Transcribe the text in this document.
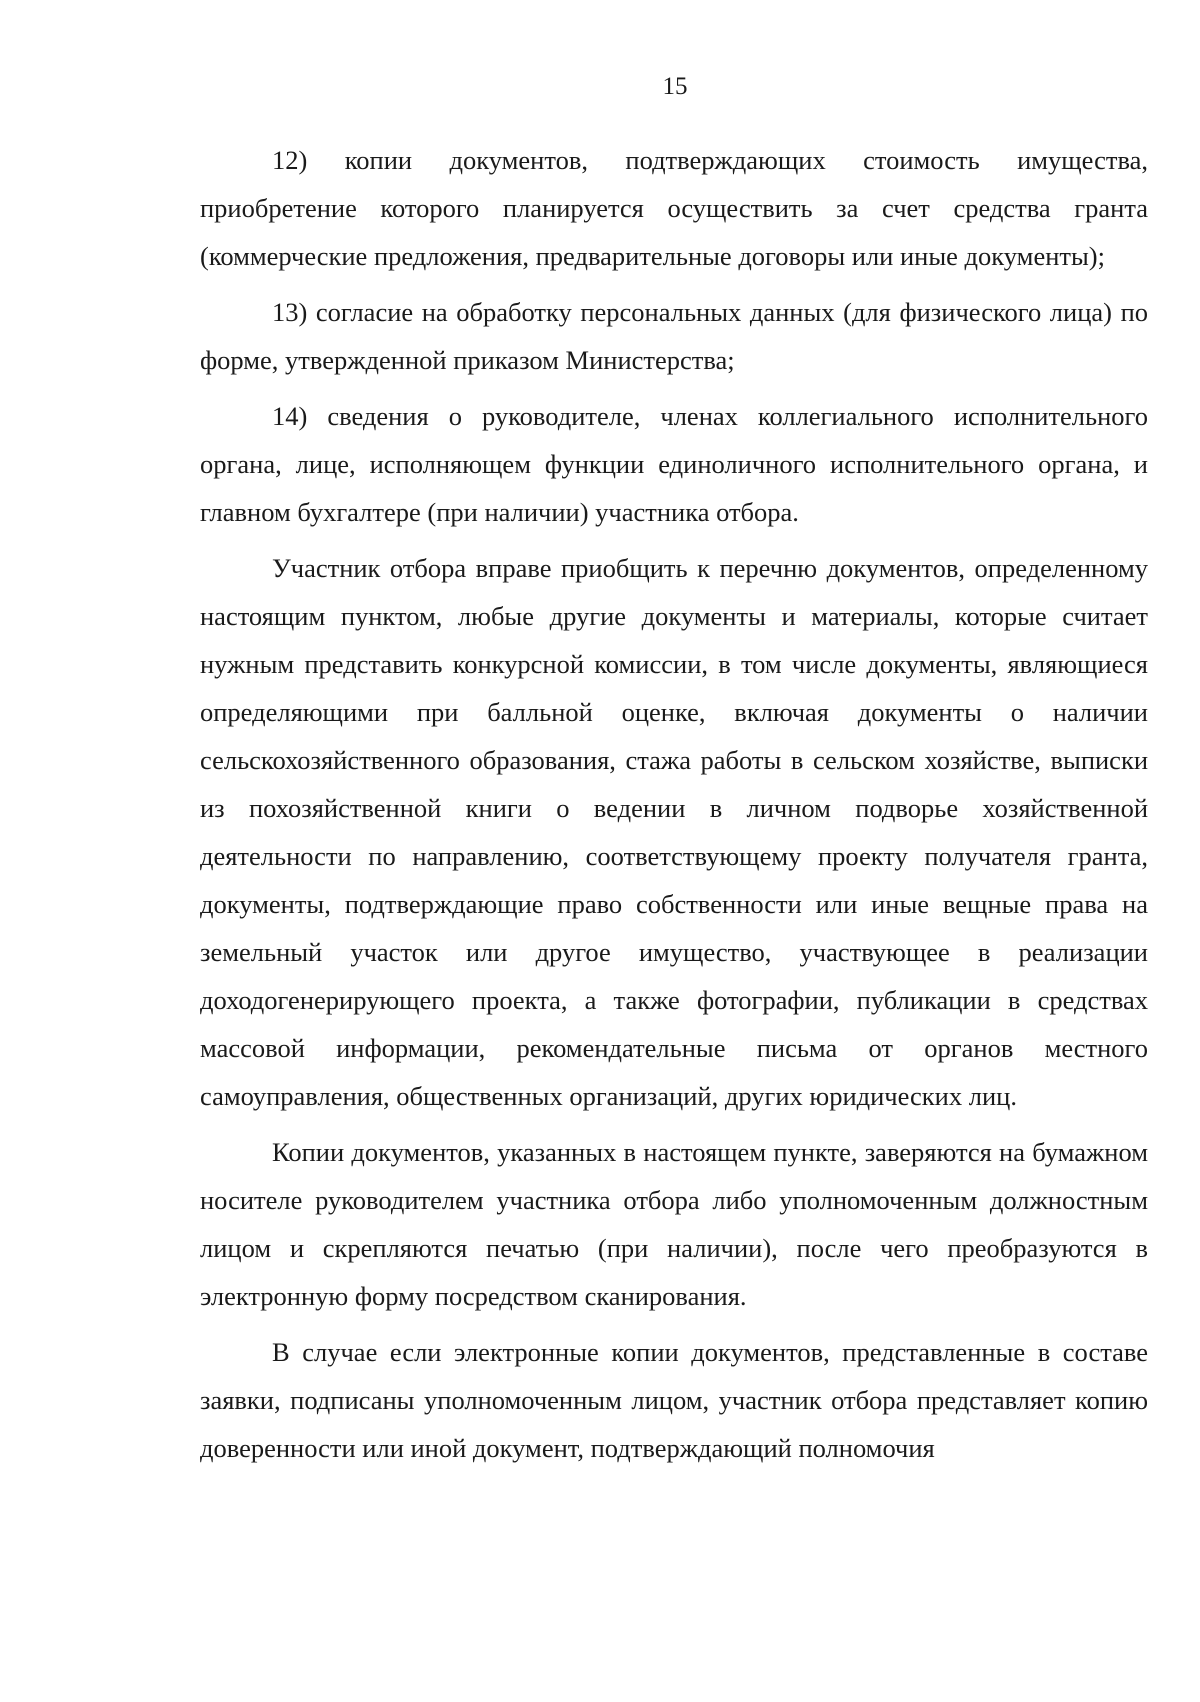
15

12) копии документов, подтверждающих стоимость имущества, приобретение которого планируется осуществить за счет средства гранта (коммерческие предложения, предварительные договоры или иные документы);

13) согласие на обработку персональных данных (для физического лица) по форме, утвержденной приказом Министерства;

14) сведения о руководителе, членах коллегиального исполнительного органа, лице, исполняющем функции единоличного исполнительного органа, и главном бухгалтере (при наличии) участника отбора.

Участник отбора вправе приобщить к перечню документов, определенному настоящим пунктом, любые другие документы и материалы, которые считает нужным представить конкурсной комиссии, в том числе документы, являющиеся определяющими при балльной оценке, включая документы о наличии сельскохозяйственного образования, стажа работы в сельском хозяйстве, выписки из похозяйственной книги о ведении в личном подворье хозяйственной деятельности по направлению, соответствующему проекту получателя гранта, документы, подтверждающие право собственности или иные вещные права на земельный участок или другое имущество, участвующее в реализации доходогенерирующего проекта, а также фотографии, публикации в средствах массовой информации, рекомендательные письма от органов местного самоуправления, общественных организаций, других юридических лиц.

Копии документов, указанных в настоящем пункте, заверяются на бумажном носителе руководителем участника отбора либо уполномоченным должностным лицом и скрепляются печатью (при наличии), после чего преобразуются в электронную форму посредством сканирования.

В случае если электронные копии документов, представленные в составе заявки, подписаны уполномоченным лицом, участник отбора представляет копию доверенности или иной документ, подтверждающий полномочия
